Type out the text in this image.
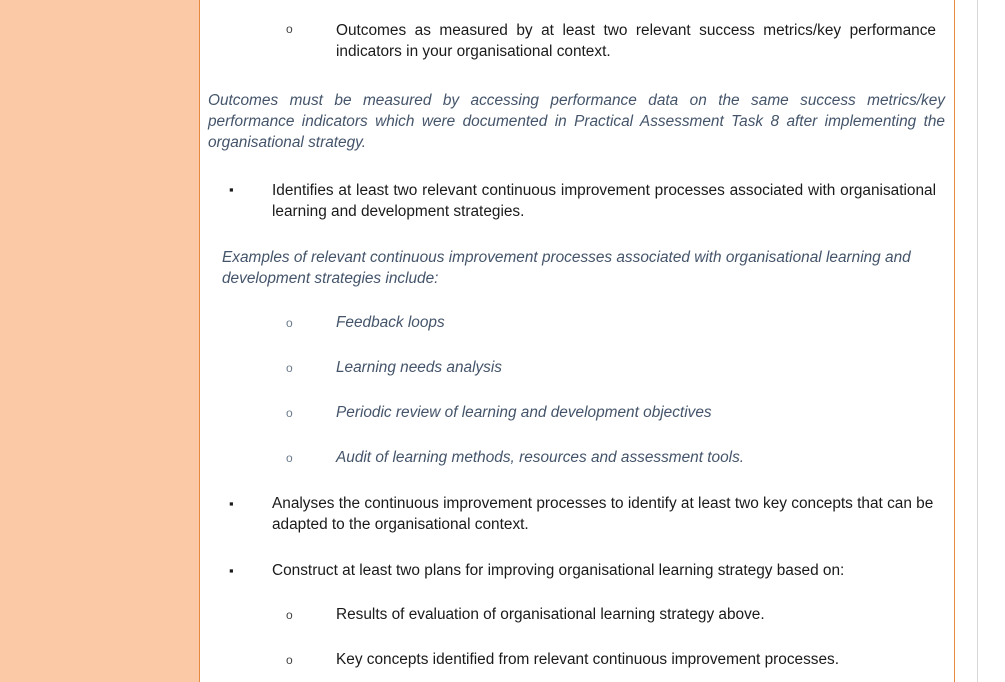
o	Outcomes as measured by at least two relevant success metrics/key performance indicators in your organisational context.
Outcomes must be measured by accessing performance data on the same success metrics/key performance indicators which were documented in Practical Assessment Task 8 after implementing the organisational strategy.
▪ Identifies at least two relevant continuous improvement processes associated with organisational learning and development strategies.
Examples of relevant continuous improvement processes associated with organisational learning and development strategies include:
o	Feedback loops
o	Learning needs analysis
o	Periodic review of learning and development objectives
o	Audit of learning methods, resources and assessment tools.
▪ Analyses the continuous improvement processes to identify at least two key concepts that can be adapted to the organisational context.
▪ Construct at least two plans for improving organisational learning strategy based on:
o	Results of evaluation of organisational learning strategy above.
o	Key concepts identified from relevant continuous improvement processes.
